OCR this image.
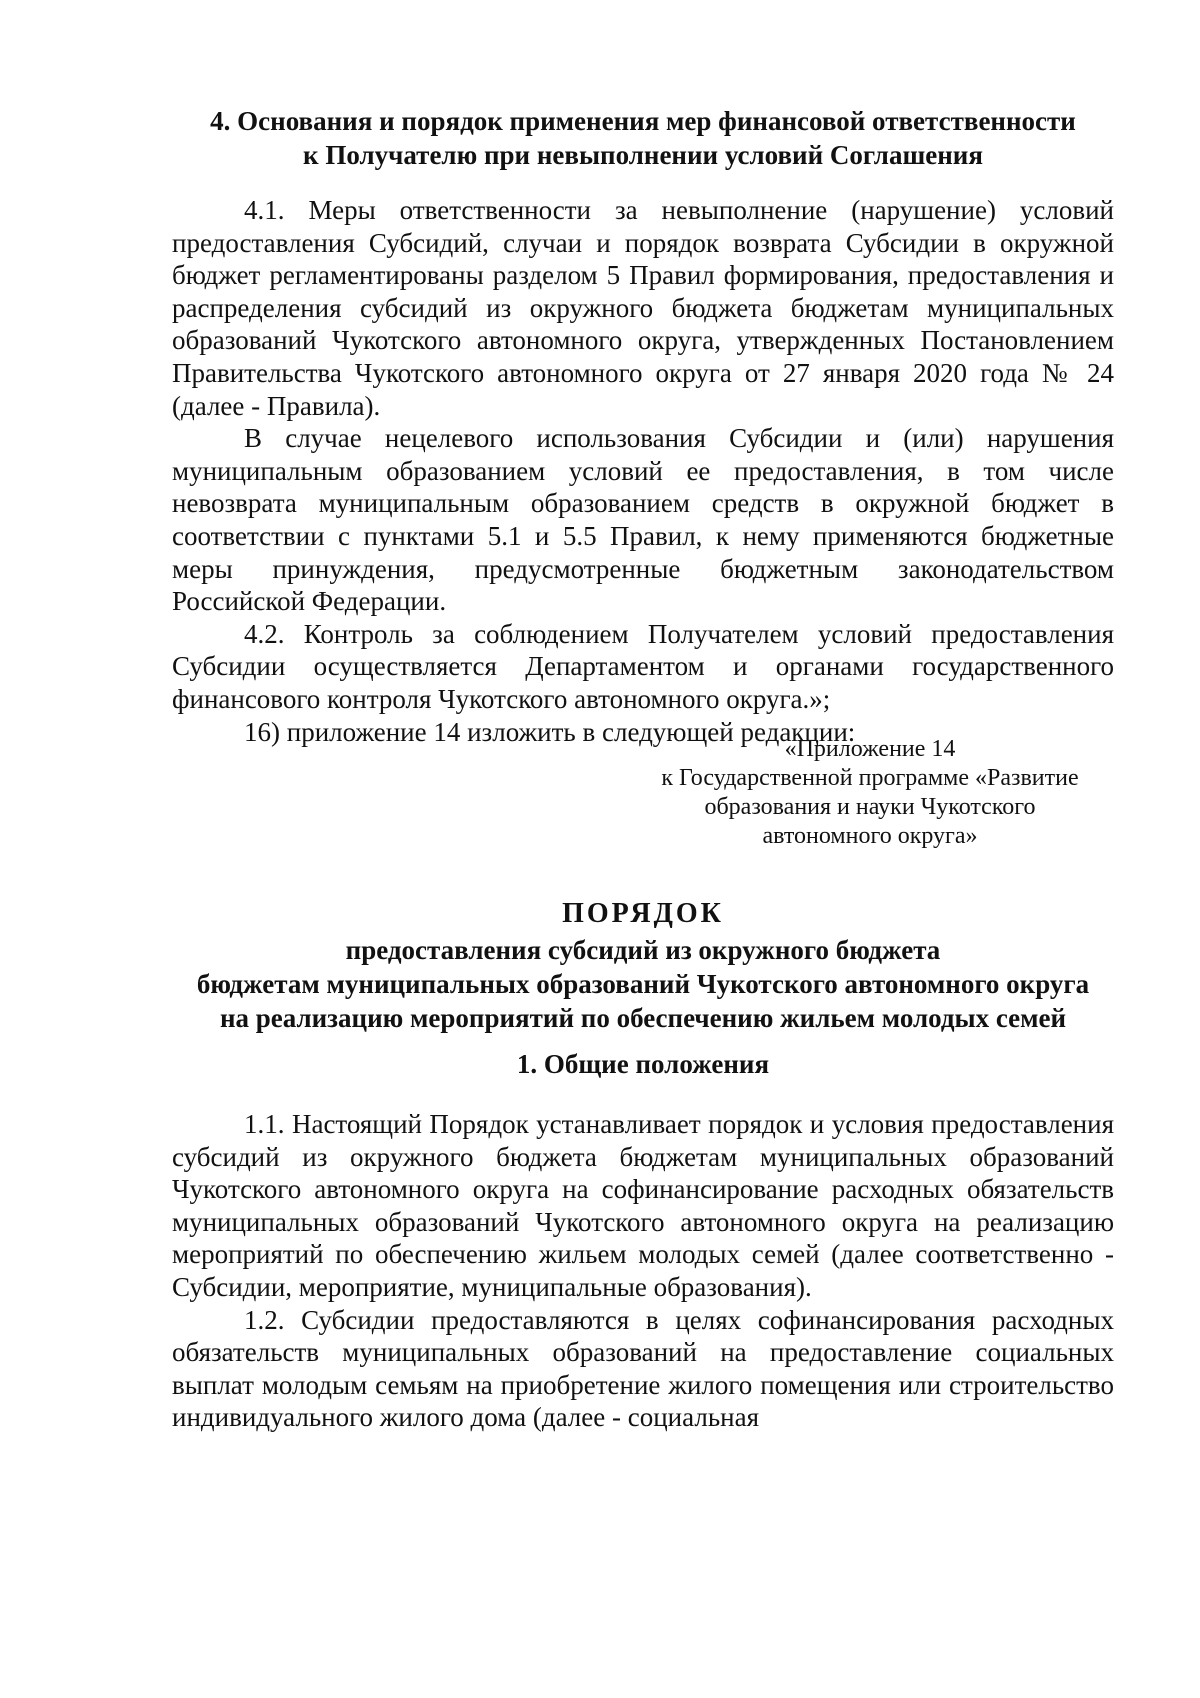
4. Основания и порядок применения мер финансовой ответственности
к Получателю при невыполнении условий Соглашения

4.1. Меры ответственности за невыполнение (нарушение) условий предоставления Субсидий, случаи и порядок возврата Субсидии в окружной бюджет регламентированы разделом 5 Правил формирования, предоставления и распределения субсидий из окружного бюджета бюджетам муниципальных образований Чукотского автономного округа, утвержденных Постановлением Правительства Чукотского автономного округа от 27 января 2020 года № 24 (далее - Правила).

В случае нецелевого использования Субсидии и (или) нарушения муниципальным образованием условий ее предоставления, в том числе невозврата муниципальным образованием средств в окружной бюджет в соответствии с пунктами 5.1 и 5.5 Правил, к нему применяются бюджетные меры принуждения, предусмотренные бюджетным законодательством Российской Федерации.

4.2. Контроль за соблюдением Получателем условий предоставления Субсидии осуществляется Департаментом и органами государственного финансового контроля Чукотского автономного округа.»;

16) приложение 14 изложить в следующей редакции:

«Приложение 14
к Государственной программе «Развитие
образования и науки Чукотского
автономного округа»
ПОРЯДОК
предоставления субсидий из окружного бюджета
бюджетам муниципальных образований Чукотского автономного округа
на реализацию мероприятий по обеспечению жильем молодых семей
1. Общие положения

1.1. Настоящий Порядок устанавливает порядок и условия предоставления субсидий из окружного бюджета бюджетам муниципальных образований Чукотского автономного округа на софинансирование расходных обязательств муниципальных образований Чукотского автономного округа на реализацию мероприятий по обеспечению жильем молодых семей (далее соответственно - Субсидии, мероприятие, муниципальные образования).

1.2. Субсидии предоставляются в целях софинансирования расходных обязательств муниципальных образований на предоставление социальных выплат молодым семьям на приобретение жилого помещения или строительство индивидуального жилого дома (далее - социальная
